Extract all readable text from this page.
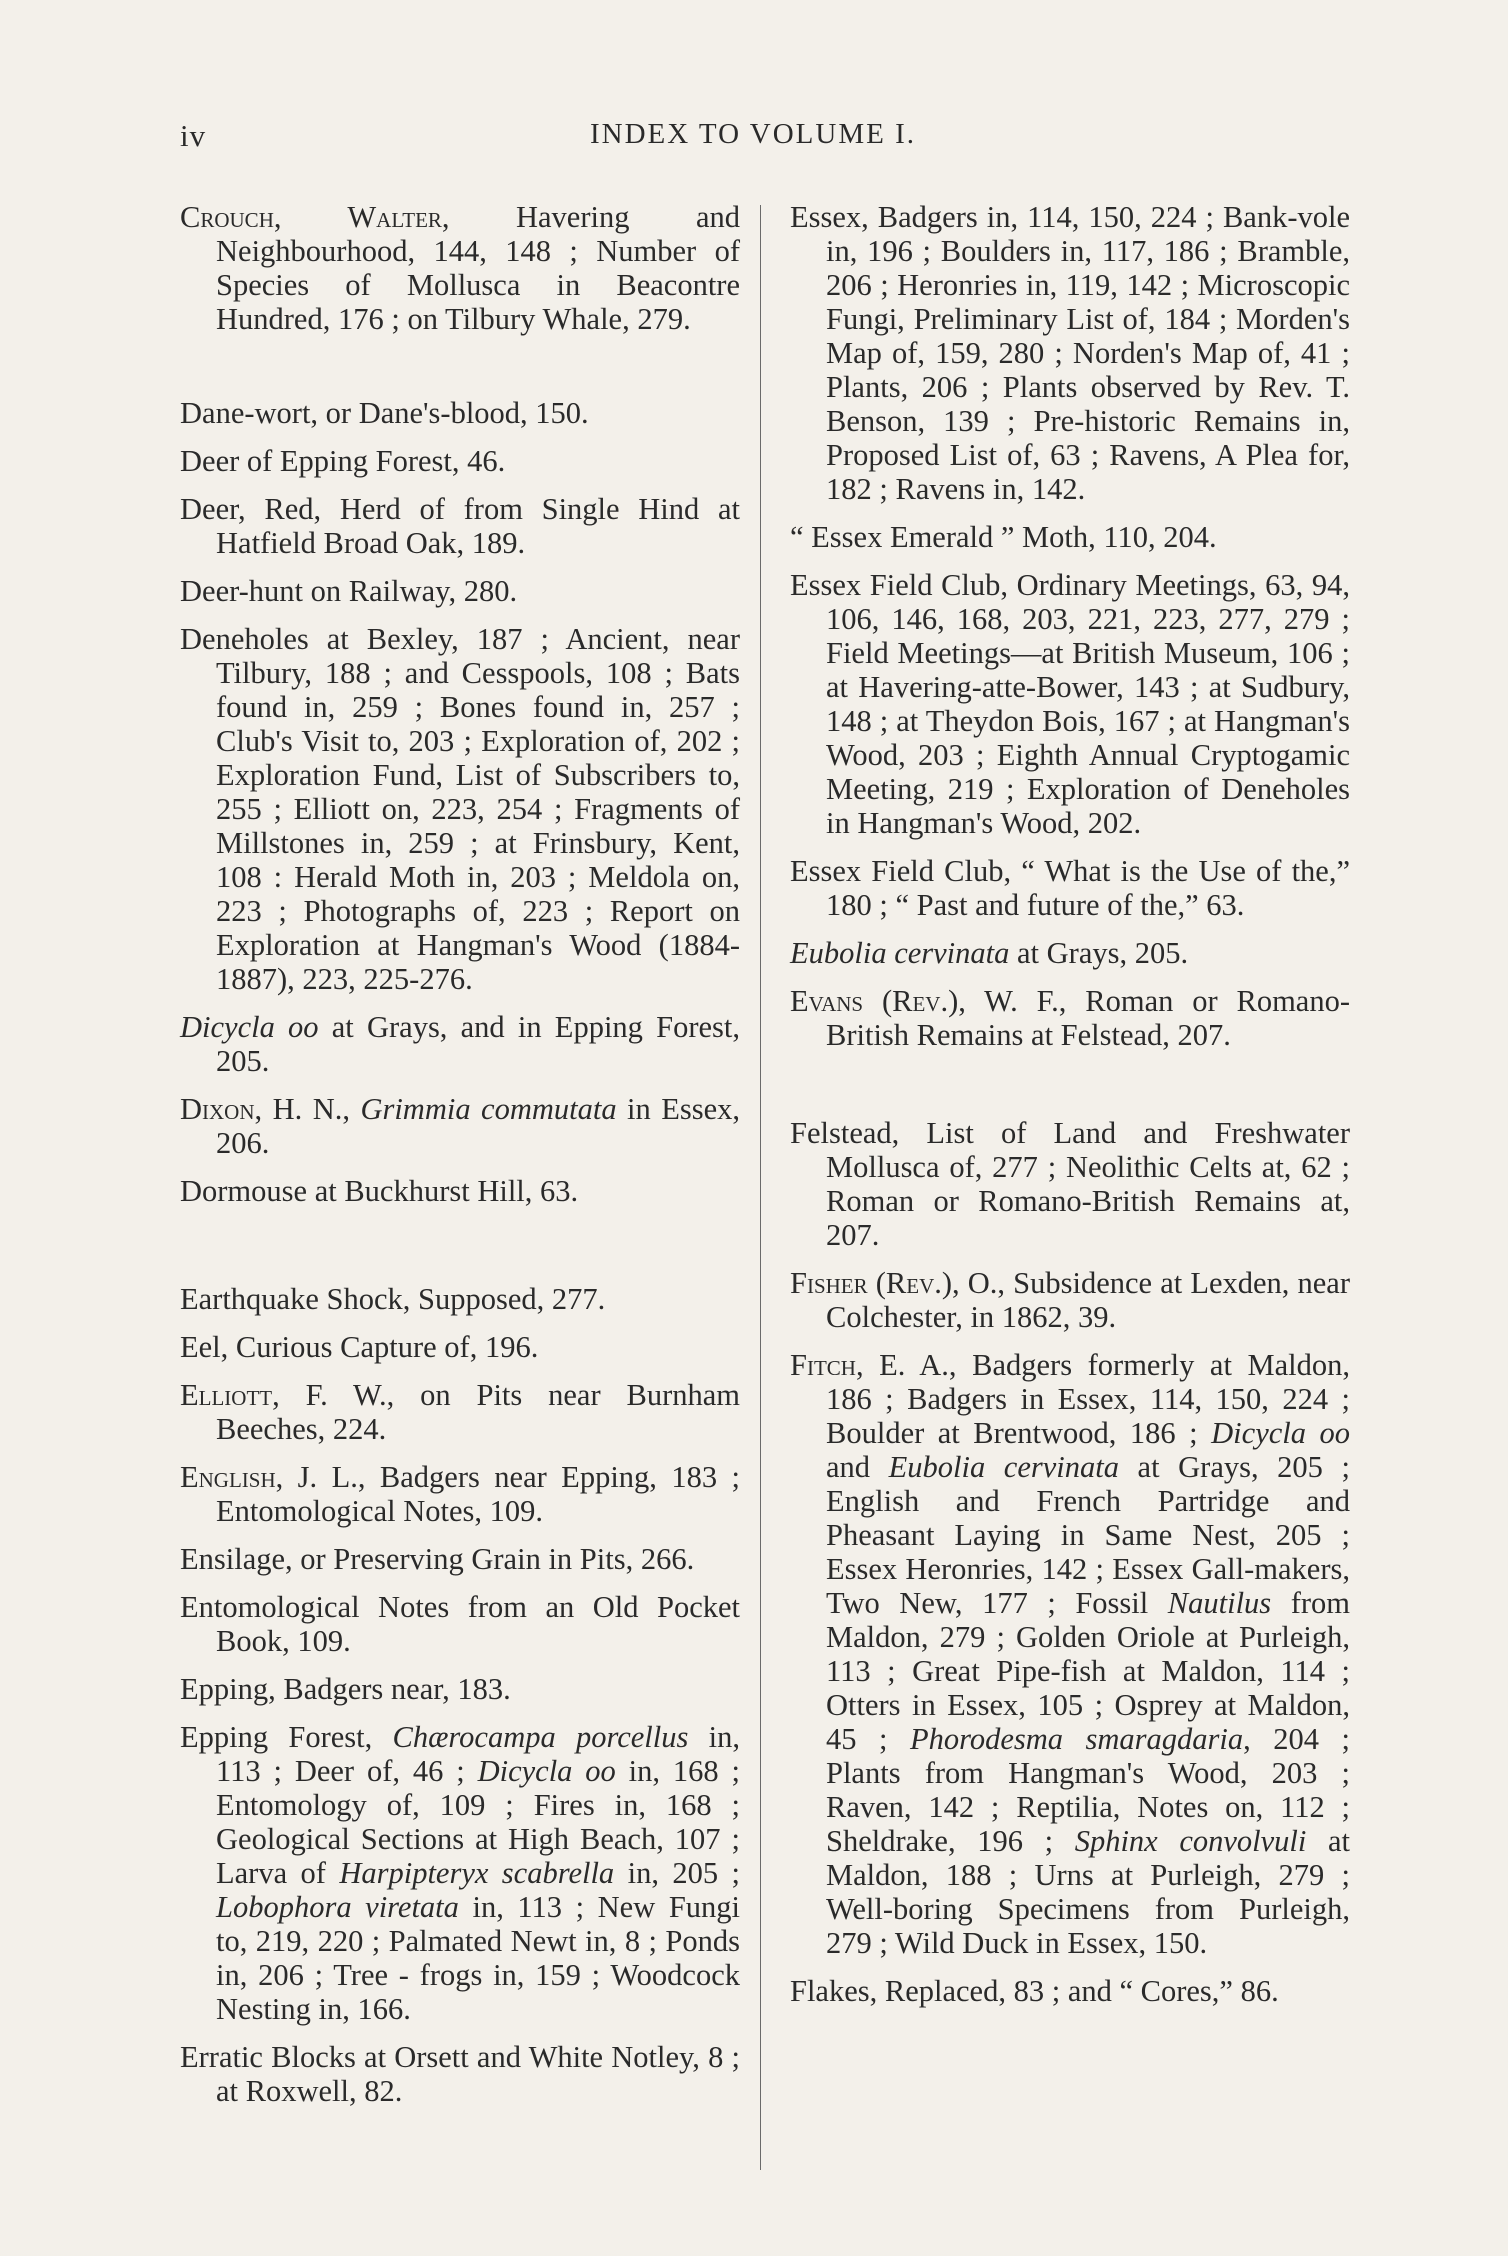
iv	INDEX TO VOLUME I.

Crouch, Walter, Havering and Neighbourhood, 144, 148 ; Number of Species of Mollusca in Beacontre Hundred, 176 ; on Tilbury Whale, 279.

Dane-wort, or Dane's-blood, 150.

Deer of Epping Forest, 46.

Deer, Red, Herd of from Single Hind at Hatfield Broad Oak, 189.

Deer-hunt on Railway, 280.

Deneholes at Bexley, 187 ; Ancient, near Tilbury, 188 ; and Cesspools, 108 ; Bats found in, 259 ; Bones found in, 257 ; Club's Visit to, 203 ; Exploration of, 202 ; Exploration Fund, List of Subscribers to, 255 ; Elliott on, 223, 254 ; Fragments of Millstones in, 259 ; at Frinsbury, Kent, 108 : Herald Moth in, 203 ; Meldola on, 223 ; Photographs of, 223 ; Report on Exploration at Hangman's Wood (1884-1887), 223, 225-276.

Dicycla oo at Grays, and in Epping Forest, 205.

Dixon, H. N., Grimmia commutata in Essex, 206.

Dormouse at Buckhurst Hill, 63.

Earthquake Shock, Supposed, 277.

Eel, Curious Capture of, 196.

Elliott, F. W., on Pits near Burnham Beeches, 224.

English, J. L., Badgers near Epping, 183 ; Entomological Notes, 109.

Ensilage, or Preserving Grain in Pits, 266.

Entomological Notes from an Old Pocket Book, 109.

Epping, Badgers near, 183.

Epping Forest, Chærocampa porcellus in, 113 ; Deer of, 46 ; Dicycla oo in, 168 ; Entomology of, 109 ; Fires in, 168 ; Geological Sections at High Beach, 107 ; Larva of Harpipteryx scabrella in, 205 ; Lobophora viretata in, 113 ; New Fungi to, 219, 220 ; Palmated Newt in, 8 ; Ponds in, 206 ; Tree - frogs in, 159 ; Woodcock Nesting in, 166.

Erratic Blocks at Orsett and White Notley, 8 ; at Roxwell, 82.

Essex, Badgers in, 114, 150, 224 ; Bank-vole in, 196 ; Boulders in, 117, 186 ; Bramble, 206 ; Heronries in, 119, 142 ; Microscopic Fungi, Preliminary List of, 184 ; Morden's Map of, 159, 280 ; Norden's Map of, 41 ; Plants, 206 ; Plants observed by Rev. T. Benson, 139 ; Pre-historic Remains in, Proposed List of, 63 ; Ravens, A Plea for, 182 ; Ravens in, 142.

“ Essex Emerald ” Moth, 110, 204.

Essex Field Club, Ordinary Meetings, 63, 94, 106, 146, 168, 203, 221, 223, 277, 279 ; Field Meetings—at British Museum, 106 ; at Havering-atte-Bower, 143 ; at Sudbury, 148 ; at Theydon Bois, 167 ; at Hangman's Wood, 203 ; Eighth Annual Cryptogamic Meeting, 219 ; Exploration of Deneholes in Hangman's Wood, 202.

Essex Field Club, “ What is the Use of the,” 180 ; “ Past and future of the,” 63.

Eubolia cervinata at Grays, 205.

Evans (Rev.), W. F., Roman or Romano-British Remains at Felstead, 207.

Felstead, List of Land and Freshwater Mollusca of, 277 ; Neolithic Celts at, 62 ; Roman or Romano-British Remains at, 207.

Fisher (Rev.), O., Subsidence at Lexden, near Colchester, in 1862, 39.

Fitch, E. A., Badgers formerly at Maldon, 186 ; Badgers in Essex, 114, 150, 224 ; Boulder at Brentwood, 186 ; Dicycla oo and Eubolia cervinata at Grays, 205 ; English and French Partridge and Pheasant Laying in Same Nest, 205 ; Essex Heronries, 142 ; Essex Gall-makers, Two New, 177 ; Fossil Nautilus from Maldon, 279 ; Golden Oriole at Purleigh, 113 ; Great Pipe-fish at Maldon, 114 ; Otters in Essex, 105 ; Osprey at Maldon, 45 ; Phorodesma smaragdaria, 204 ; Plants from Hangman's Wood, 203 ; Raven, 142 ; Reptilia, Notes on, 112 ; Sheldrake, 196 ; Sphinx convolvuli at Maldon, 188 ; Urns at Purleigh, 279 ; Well-boring Specimens from Purleigh, 279 ; Wild Duck in Essex, 150.

Flakes, Replaced, 83 ; and “ Cores,” 86.
